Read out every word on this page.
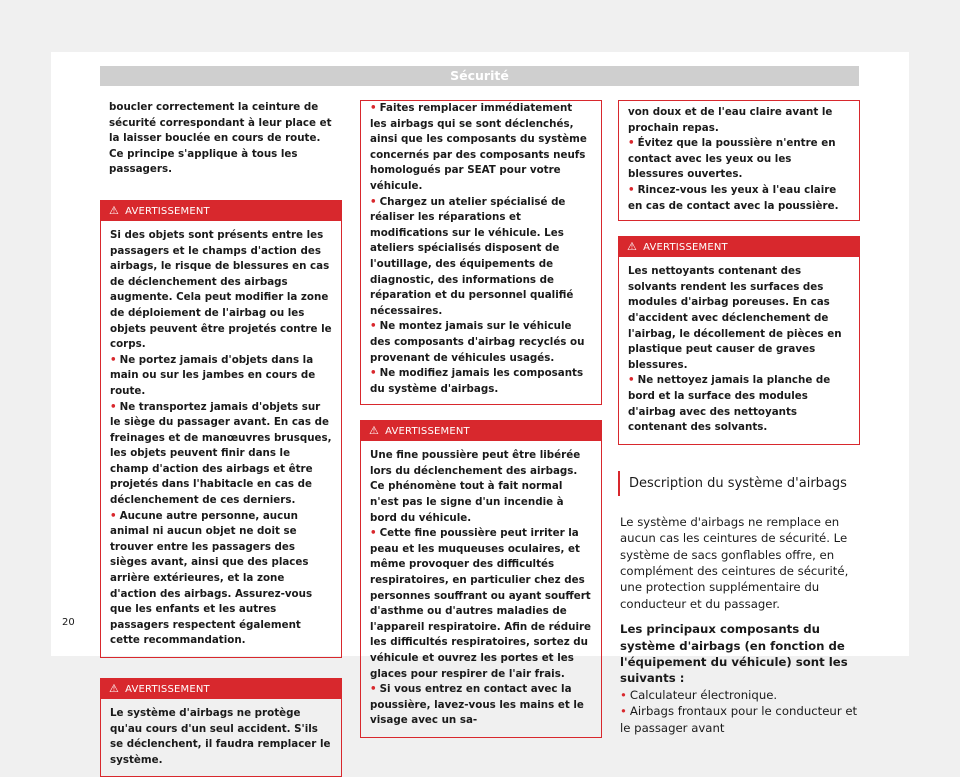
Sécurité

boucler correctement la ceinture de sécurité correspondant à leur place et la laisser bouclée en cours de route. Ce principe s'applique à tous les passagers.

⚠ AVERTISSEMENT

Si des objets sont présents entre les passagers et le champs d'action des airbags, le risque de blessures en cas de déclenchement des airbags augmente. Cela peut modifier la zone de déploiement de l'airbag ou les objets peuvent être projetés contre le corps.

• Ne portez jamais d'objets dans la main ou sur les jambes en cours de route.

• Ne transportez jamais d'objets sur le siège du passager avant. En cas de freinages et de manœuvres brusques, les objets peuvent finir dans le champ d'action des airbags et être projetés dans l'habitacle en cas de déclenchement de ces derniers.

• Aucune autre personne, aucun animal ni aucun objet ne doit se trouver entre les passagers des sièges avant, ainsi que des places arrière extérieures, et la zone d'action des airbags. Assurez-vous que les enfants et les autres passagers respectent également cette recommandation.

⚠ AVERTISSEMENT

Le système d'airbags ne protège qu'au cours d'un seul accident. S'ils se déclenchent, il faudra remplacer le système.

• Faites remplacer immédiatement les airbags qui se sont déclenchés, ainsi que les composants du système concernés par des composants neufs homologués par SEAT pour votre véhicule.

• Chargez un atelier spécialisé de réaliser les réparations et modifications sur le véhicule. Les ateliers spécialisés disposent de l'outillage, des équipements de diagnostic, des informations de réparation et du personnel qualifié nécessaires.

• Ne montez jamais sur le véhicule des composants d'airbag recyclés ou provenant de véhicules usagés.

• Ne modifiez jamais les composants du système d'airbags.

⚠ AVERTISSEMENT

Une fine poussière peut être libérée lors du déclenchement des airbags. Ce phénomène tout à fait normal n'est pas le signe d'un incendie à bord du véhicule.

• Cette fine poussière peut irriter la peau et les muqueuses oculaires, et même provoquer des difficultés respiratoires, en particulier chez des personnes souffrant ou ayant souffert d'asthme ou d'autres maladies de l'appareil respiratoire. Afin de réduire les difficultés respiratoires, sortez du véhicule et ouvrez les portes et les glaces pour respirer de l'air frais.

• Si vous entrez en contact avec la poussière, lavez-vous les mains et le visage avec un sa-

von doux et de l'eau claire avant le prochain repas.

• Évitez que la poussière n'entre en contact avec les yeux ou les blessures ouvertes.

• Rincez-vous les yeux à l'eau claire en cas de contact avec la poussière.

⚠ AVERTISSEMENT

Les nettoyants contenant des solvants rendent les surfaces des modules d'airbag poreuses. En cas d'accident avec déclenchement de l'airbag, le décollement de pièces en plastique peut causer de graves blessures.

• Ne nettoyez jamais la planche de bord et la surface des modules d'airbag avec des nettoyants contenant des solvants.

Description du système d'airbags

Le système d'airbags ne remplace en aucun cas les ceintures de sécurité. Le système de sacs gonflables offre, en complément des ceintures de sécurité, une protection supplémentaire du conducteur et du passager.

Les principaux composants du système d'airbags (en fonction de l'équipement du véhicule) sont les suivants :

• Calculateur électronique.

• Airbags frontaux pour le conducteur et le passager avant

20
